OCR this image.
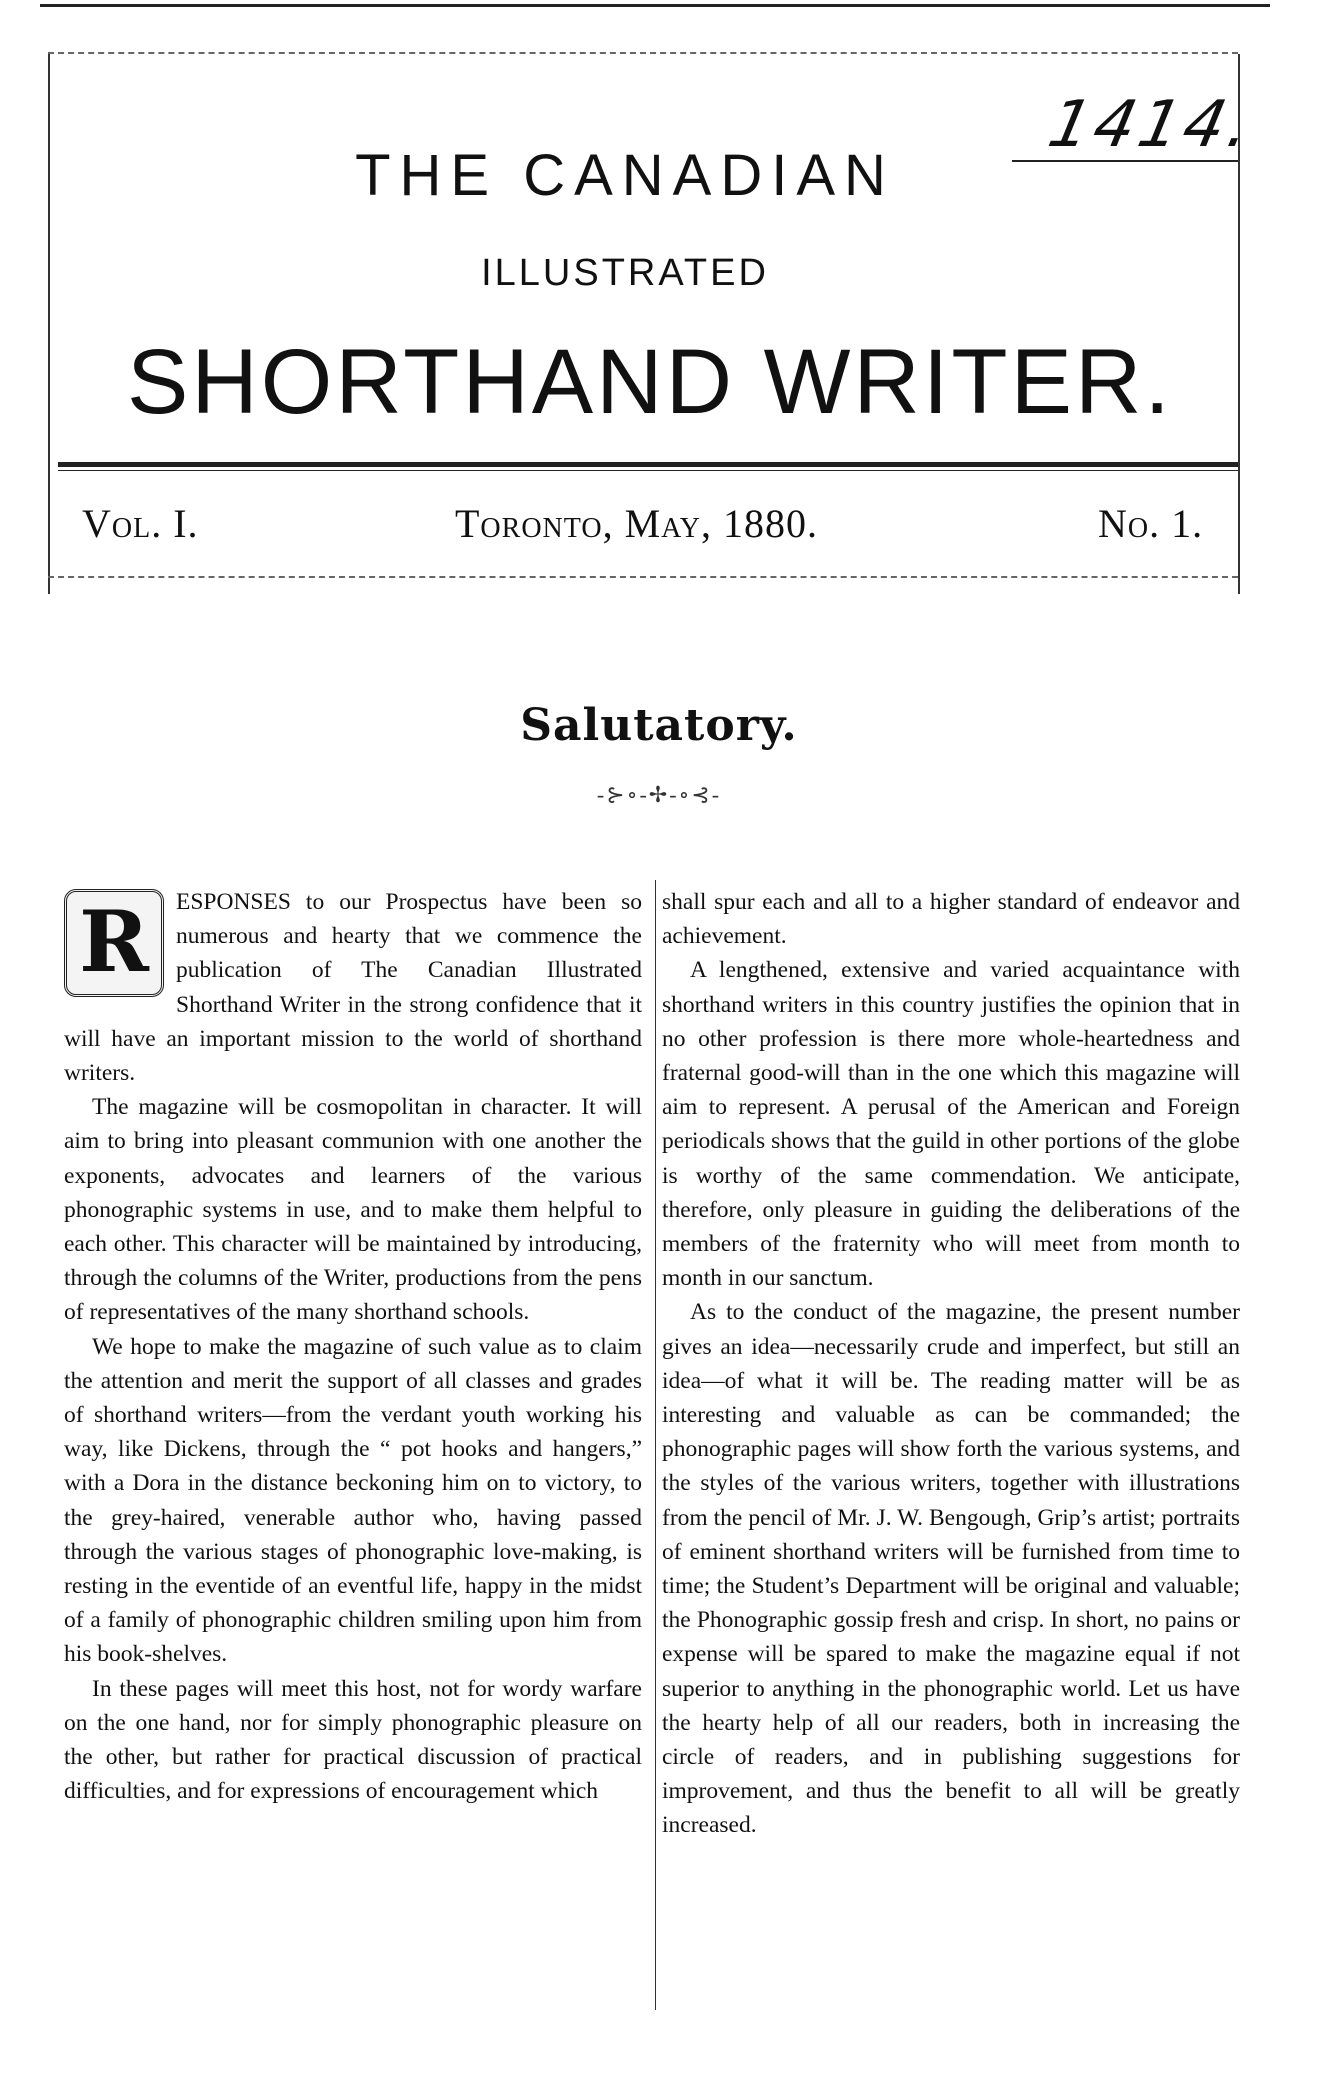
1414.
THE CANADIAN
ILLUSTRATED
SHORTHAND WRITER.
Vol. I.	Toronto, May, 1880.	No. 1.
Salutatory.
-⊱∘-✢-∘⊰-

R	ESPONSES to our Prospectus have been so numerous and hearty that we commence the publication of The Canadian Illustrated Shorthand Writer in the strong confidence that it will have an important mission to the world of shorthand writers.

The magazine will be cosmopolitan in character. It will aim to bring into pleasant communion with one another the exponents, advocates and learners of the various phonographic systems in use, and to make them helpful to each other. This character will be maintained by introducing, through the columns of the Writer, productions from the pens of representatives of the many shorthand schools.

We hope to make the magazine of such value as to claim the attention and merit the support of all classes and grades of shorthand writers—from the verdant youth working his way, like Dickens, through the “ pot hooks and hangers,” with a Dora in the distance beckoning him on to victory, to the grey-haired, venerable author who, having passed through the various stages of phonographic love-making, is resting in the eventide of an eventful life, happy in the midst of a family of phonographic children smiling upon him from his book-shelves.

In these pages will meet this host, not for wordy warfare on the one hand, nor for simply phonographic pleasure on the other, but rather for practical discussion of practical difficulties, and for expressions of encouragement which

shall spur each and all to a higher standard of endeavor and achievement.

A lengthened, extensive and varied acquaintance with shorthand writers in this country justifies the opinion that in no other profession is there more whole-heartedness and fraternal good-will than in the one which this magazine will aim to represent. A perusal of the American and Foreign periodicals shows that the guild in other portions of the globe is worthy of the same commendation. We anticipate, therefore, only pleasure in guiding the deliberations of the members of the fraternity who will meet from month to month in our sanctum.

As to the conduct of the magazine, the present number gives an idea—necessarily crude and imperfect, but still an idea—of what it will be. The reading matter will be as interesting and valuable as can be commanded; the phonographic pages will show forth the various systems, and the styles of the various writers, together with illustrations from the pencil of Mr. J. W. Bengough, Grip’s artist; portraits of eminent shorthand writers will be furnished from time to time; the Student’s Department will be original and valuable; the Phonographic gossip fresh and crisp. In short, no pains or expense will be spared to make the magazine equal if not superior to anything in the phonographic world. Let us have the hearty help of all our readers, both in increasing the circle of readers, and in publishing suggestions for improvement, and thus the benefit to all will be greatly increased.
